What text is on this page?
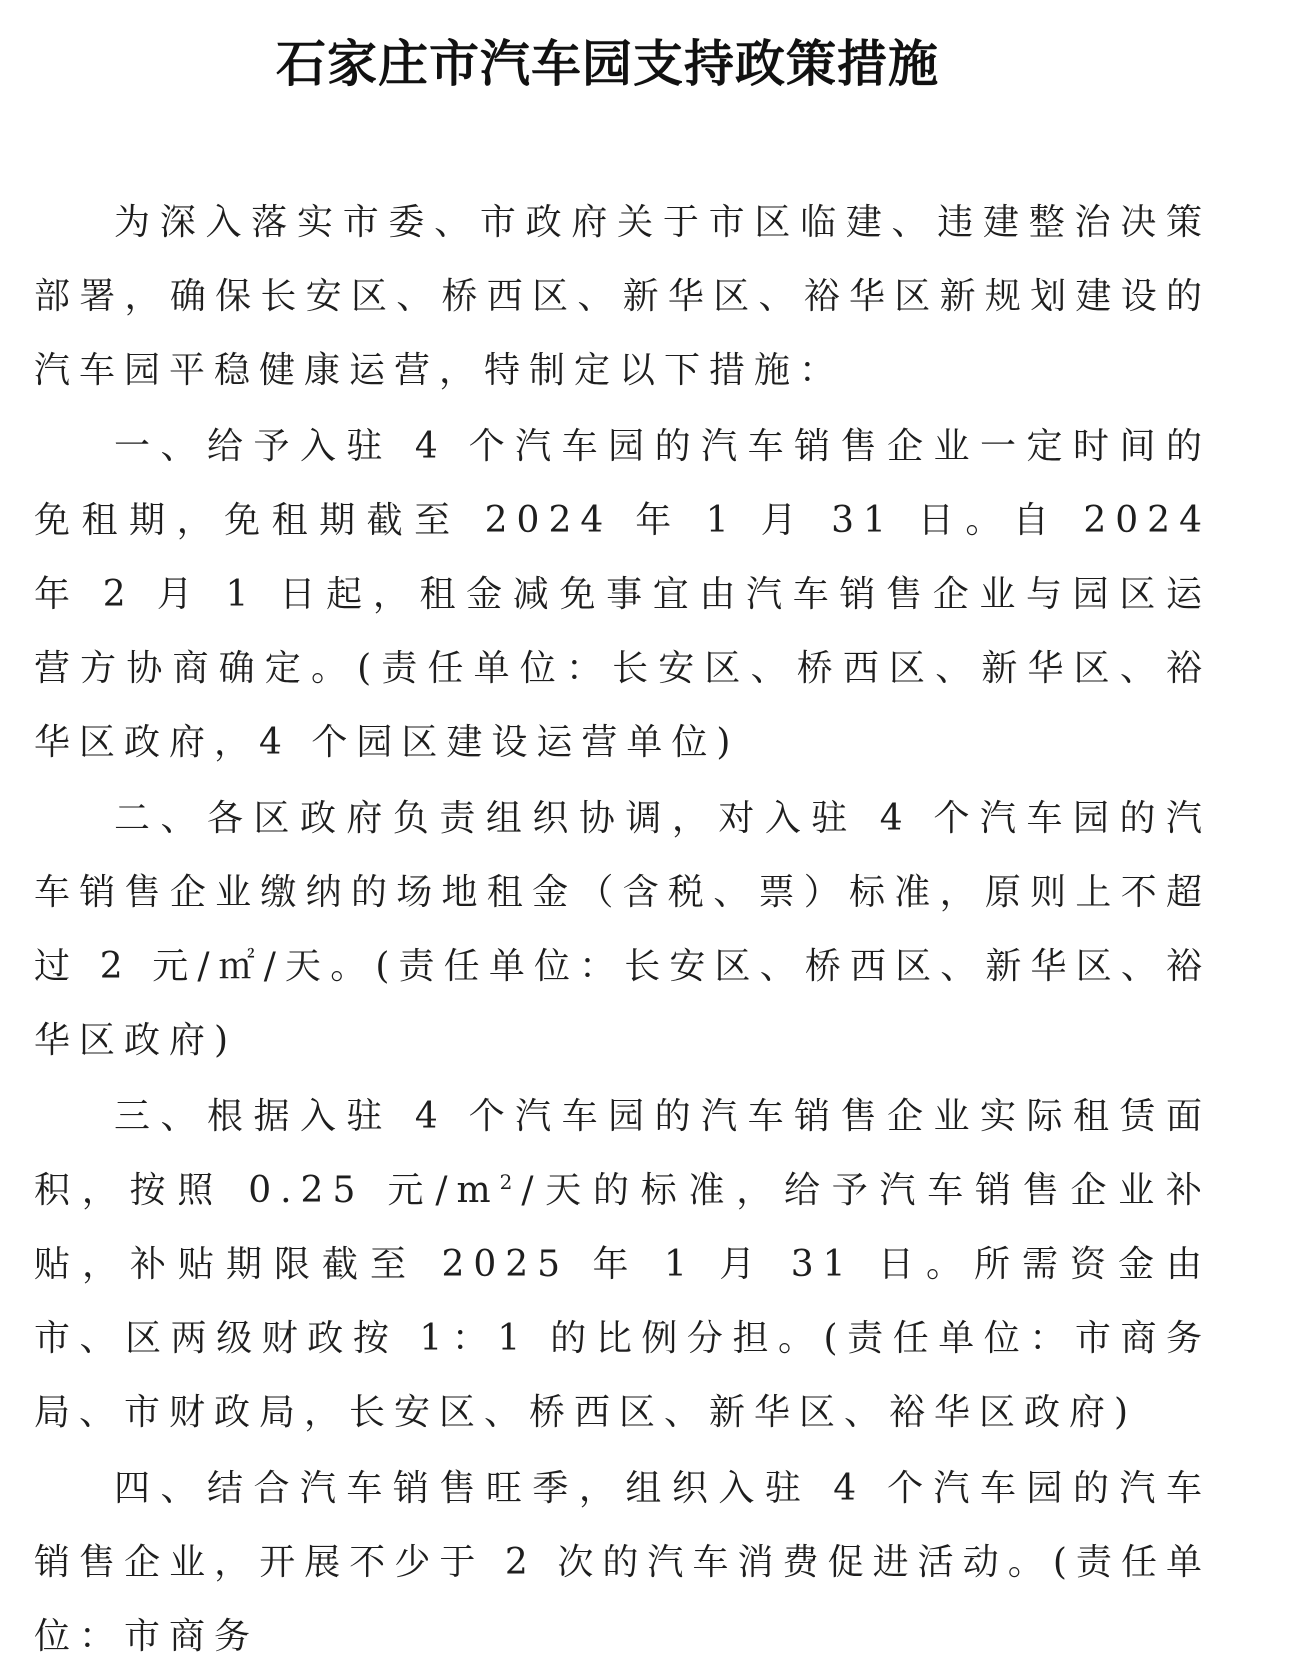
石家庄市汽车园支持政策措施

为深入落实市委、市政府关于市区临建、违建整治决策部署，确保长安区、桥西区、新华区、裕华区新规划建设的汽车园平稳健康运营，特制定以下措施：

一、给予入驻 4 个汽车园的汽车销售企业一定时间的免租期，免租期截至 2024 年 1 月 31 日。自 2024 年 2 月 1 日起，租金减免事宜由汽车销售企业与园区运营方协商确定。(责任单位：长安区、桥西区、新华区、裕华区政府，4 个园区建设运营单位)

二、各区政府负责组织协调，对入驻 4 个汽车园的汽车销售企业缴纳的场地租金（含税、票）标准，原则上不超过 2 元/㎡/天。(责任单位：长安区、桥西区、新华区、裕华区政府)

三、根据入驻 4 个汽车园的汽车销售企业实际租赁面积，按照 0.25 元$/m^2/$天的标准，给予汽车销售企业补贴，补贴期限截至 2025 年 1 月 31 日。所需资金由市、区两级财政按 1：1 的比例分担。(责任单位：市商务局、市财政局，长安区、桥西区、新华区、裕华区政府)

四、结合汽车销售旺季，组织入驻 4 个汽车园的汽车销售企业，开展不少于 2 次的汽车消费促进活动。(责任单位：市商务
